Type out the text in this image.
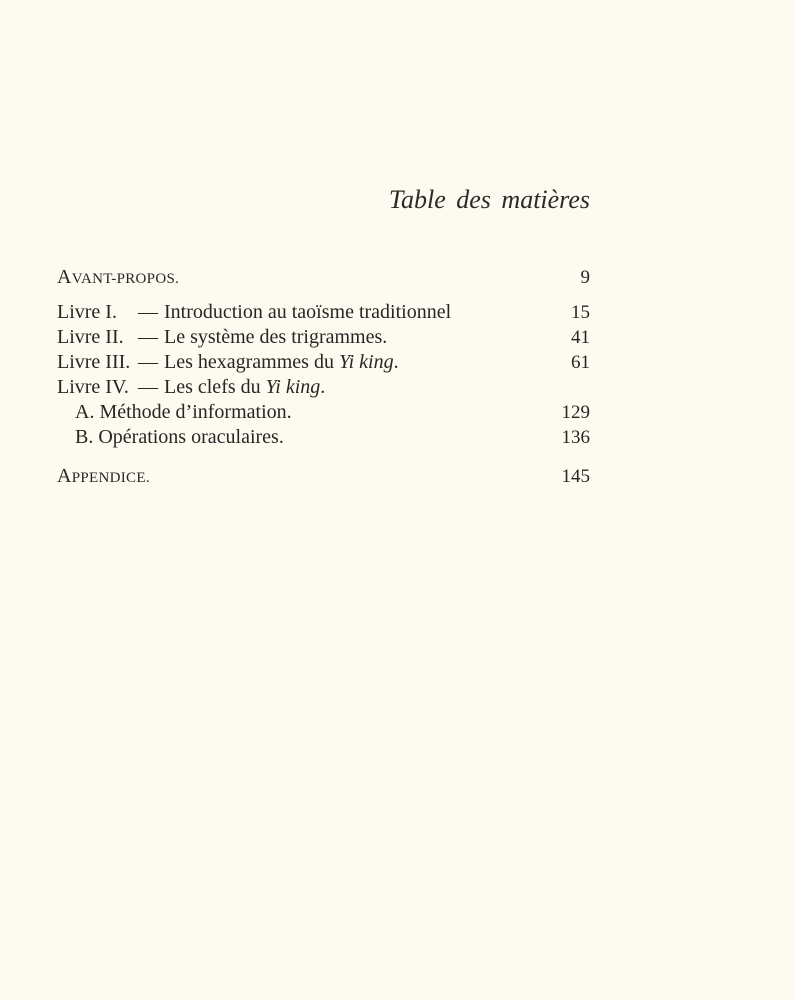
Table des matières
AVANT-PROPOS.	9
Livre I. — Introduction au taoïsme traditionnel	15
Livre II. — Le système des trigrammes.	41
Livre III. — Les hexagrammes du Yi king.	61
Livre IV. — Les clefs du Yi king.
A. Méthode d’information.	129
B. Opérations oraculaires.	136
APPENDICE.	145
